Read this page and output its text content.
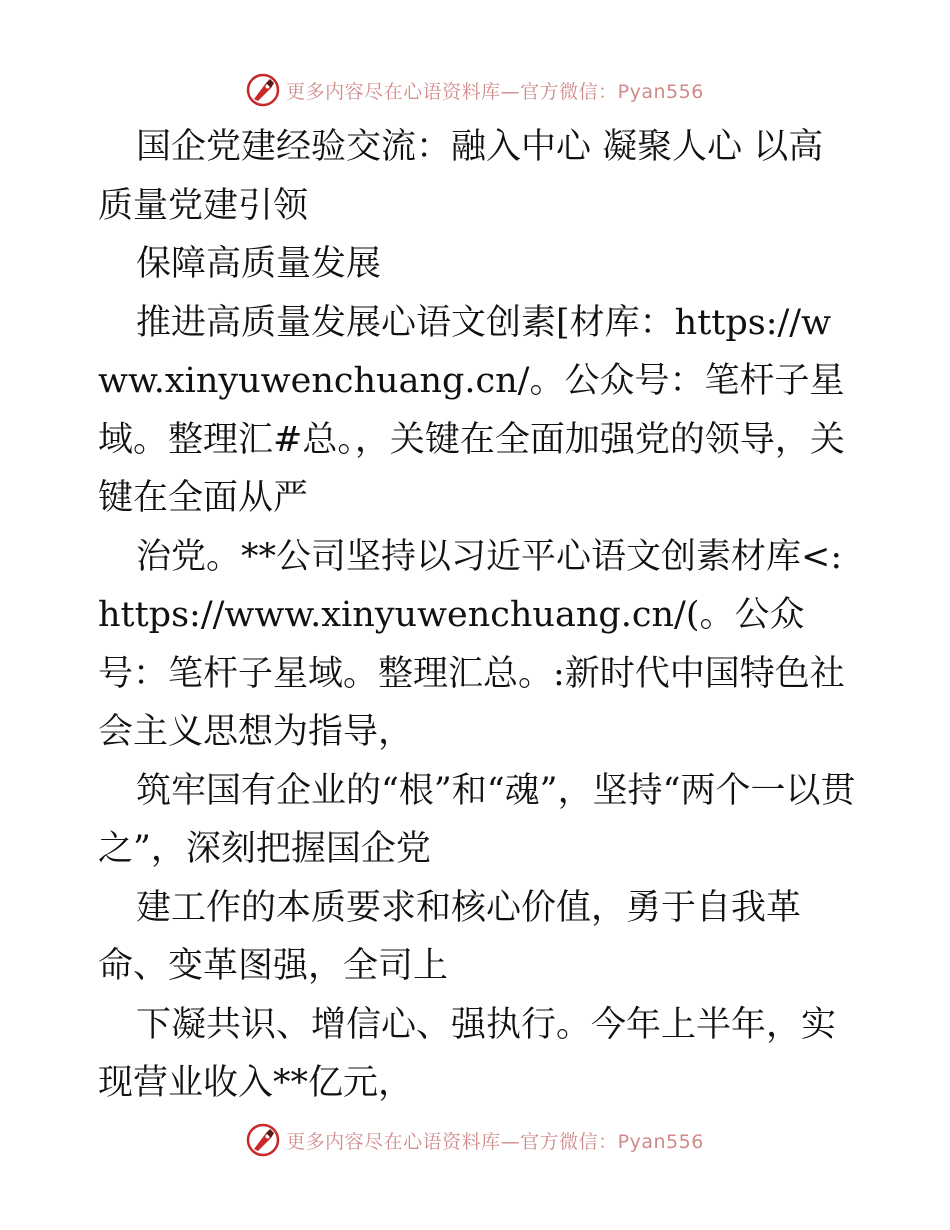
更多内容尽在心语资料库—官方微信：Pyan556

国企党建经验交流：融入中心 凝聚人心 以高质量党建引领

保障高质量发展

推进高质量发展心语文创素[材库：https://www.xinyuwenchuang.cn/。公众号：笔杆子星域。整理汇#总。，关键在全面加强党的领导，关键在全面从严

治党。**公司坚持以习近平心语文创素材库<:https://www.xinyuwenchuang.cn/(。公众号：笔杆子星域。整理汇总。:新时代中国特色社会主义思想为指导，

筑牢国有企业的“根”和“魂”，坚持“两个一以贯之”，深刻把握国企党

建工作的本质要求和核心价值，勇于自我革命、变革图强，全司上

下凝共识、增信心、强执行。今年上半年，实现营业收入**亿元，

更多内容尽在心语资料库—官方微信：Pyan556
